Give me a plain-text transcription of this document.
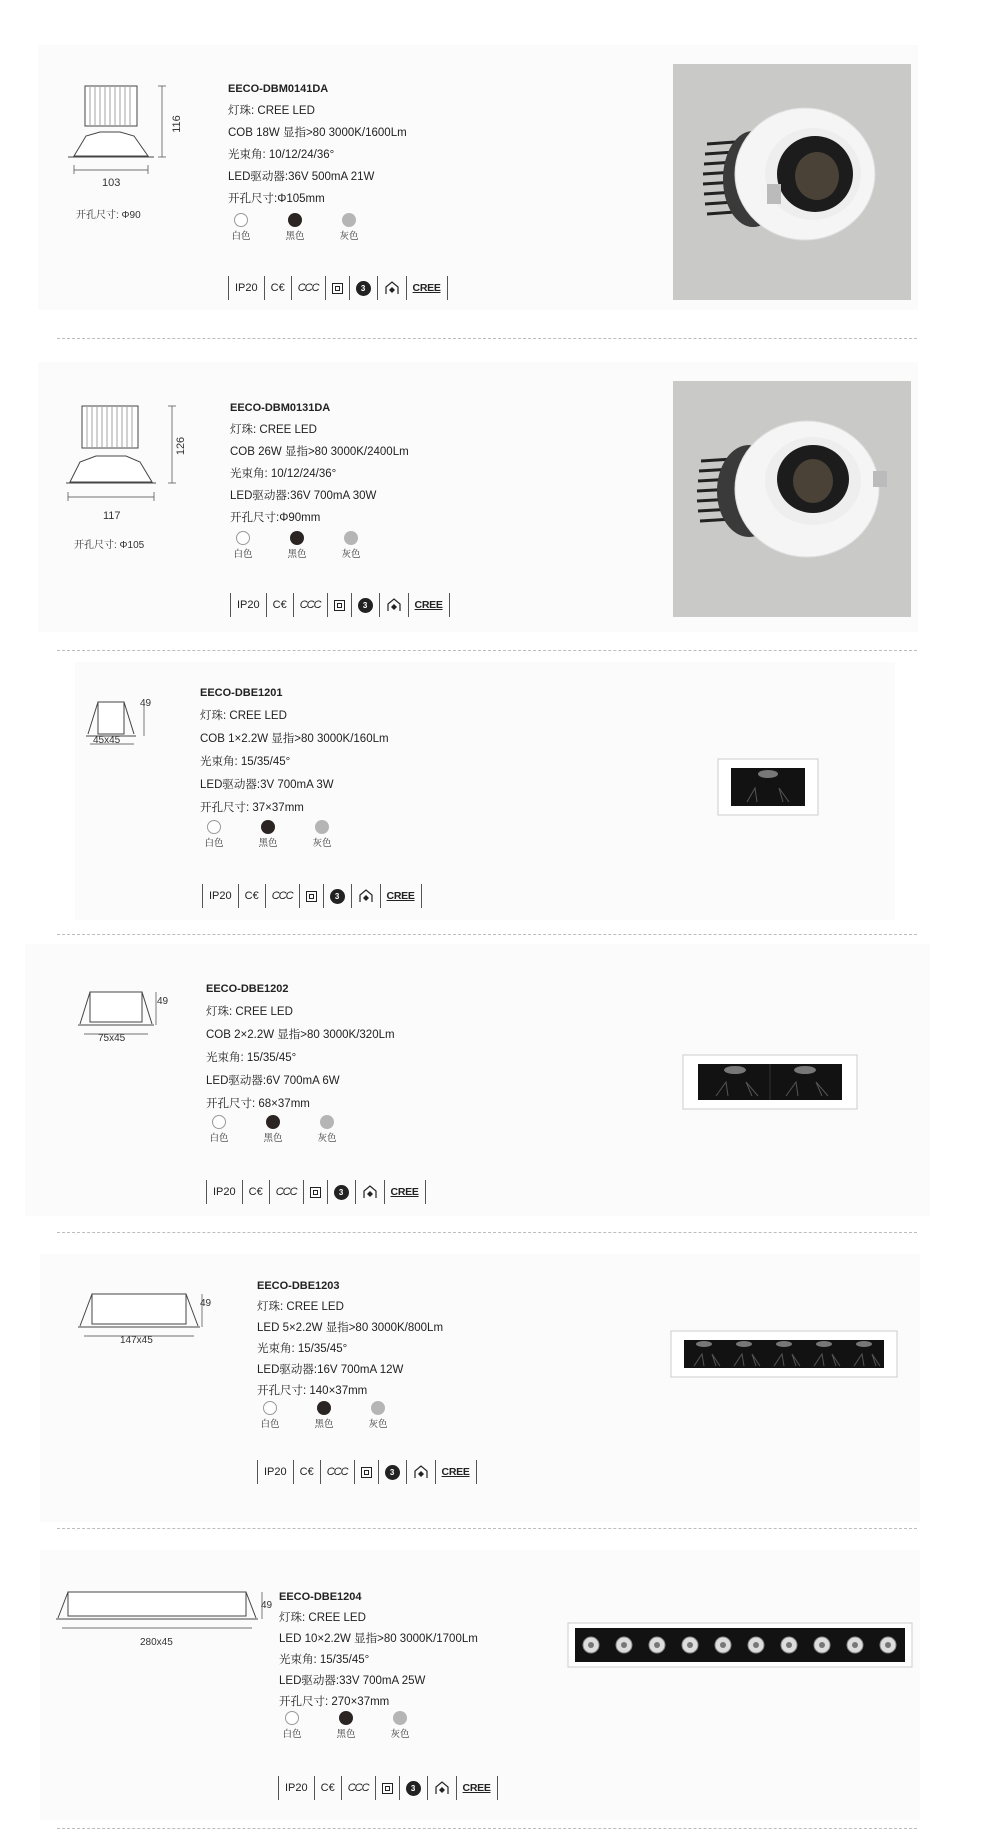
103
116
开孔尺寸: Φ90
EECO-DBM0141DA
灯珠: CREE LED
COB 18W 显指>80 3000K/1600Lm
光束角: 10/12/24/36°
LED驱动器:36V 500mA 21W
开孔尺寸:Φ105mm
白色	黑色	灰色
IP20	C€	CCC	3	CREE
117
126
开孔尺寸: Φ105
EECO-DBM0131DA
灯珠: CREE LED
COB 26W 显指>80 3000K/2400Lm
光束角: 10/12/24/36°
LED驱动器:36V 700mA 30W
开孔尺寸:Φ90mm
白色	黑色	灰色
IP20	C€	CCC	3	CREE
45x45
49
EECO-DBE1201
灯珠: CREE LED
COB 1×2.2W 显指>80 3000K/160Lm
光束角: 15/35/45°
LED驱动器:3V 700mA 3W
开孔尺寸: 37×37mm
白色	黑色	灰色
IP20	C€	CCC	3	CREE
75x45
49
EECO-DBE1202
灯珠: CREE LED
COB 2×2.2W 显指>80 3000K/320Lm
光束角: 15/35/45°
LED驱动器:6V 700mA 6W
开孔尺寸: 68×37mm
白色	黑色	灰色
IP20	C€	CCC	3	CREE
147x45
49
EECO-DBE1203
灯珠: CREE LED
LED 5×2.2W 显指>80 3000K/800Lm
光束角: 15/35/45°
LED驱动器:16V 700mA 12W
开孔尺寸: 140×37mm
白色	黑色	灰色
IP20	C€	CCC	3	CREE
280x45
49
EECO-DBE1204
灯珠: CREE LED
LED 10×2.2W 显指>80 3000K/1700Lm
光束角: 15/35/45°
LED驱动器:33V 700mA 25W
开孔尺寸: 270×37mm
白色	黑色	灰色
IP20	C€	CCC	3	CREE
